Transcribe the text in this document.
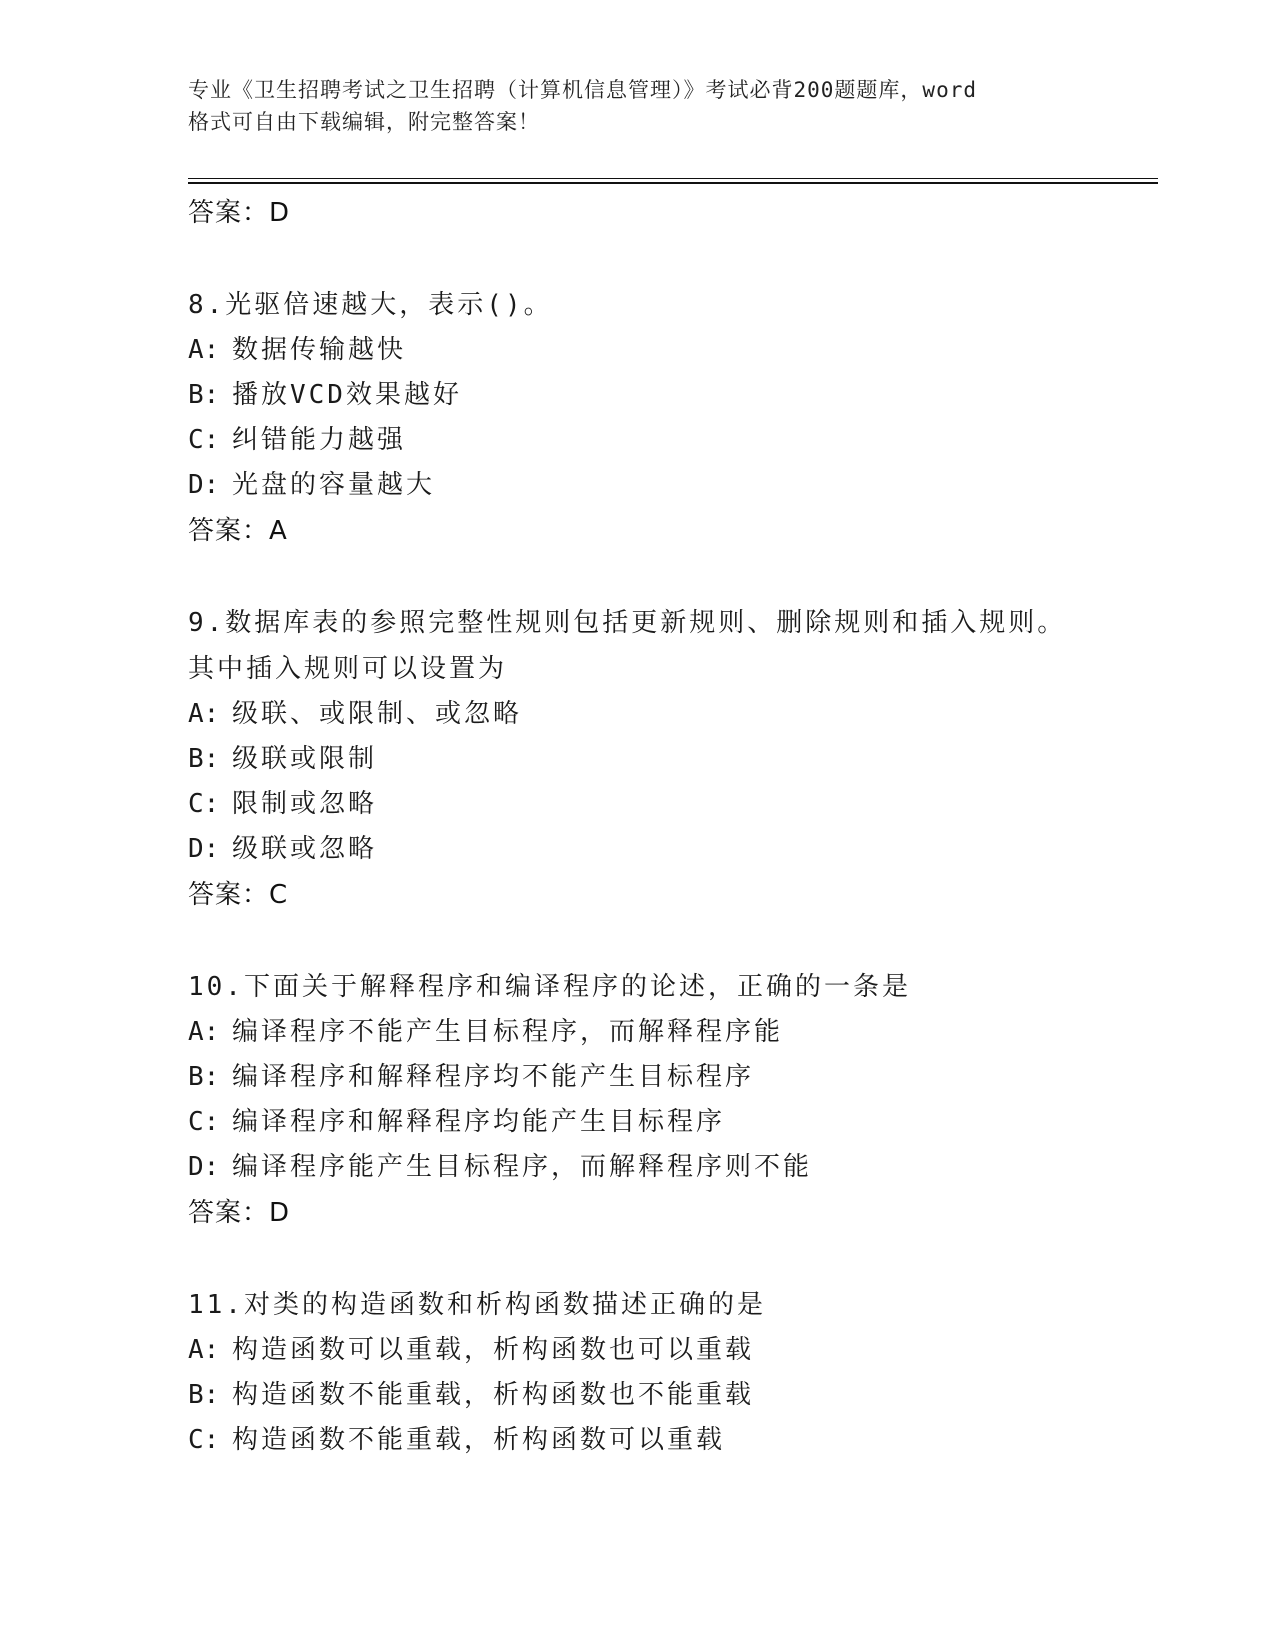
专业《卫生招聘考试之卫生招聘（计算机信息管理）》考试必背200题题库，word
格式可自由下载编辑，附完整答案！
答案：D
8.光驱倍速越大，表示()。
A: 数据传输越快
B: 播放VCD效果越好
C: 纠错能力越强
D: 光盘的容量越大
答案：A
9.数据库表的参照完整性规则包括更新规则、删除规则和插入规则。
其中插入规则可以设置为
A: 级联、或限制、或忽略
B: 级联或限制
C: 限制或忽略
D: 级联或忽略
答案：C
10.下面关于解释程序和编译程序的论述，正确的一条是
A: 编译程序不能产生目标程序，而解释程序能
B: 编译程序和解释程序均不能产生目标程序
C: 编译程序和解释程序均能产生目标程序
D: 编译程序能产生目标程序，而解释程序则不能
答案：D
11.对类的构造函数和析构函数描述正确的是
A: 构造函数可以重载，析构函数也可以重载
B: 构造函数不能重载，析构函数也不能重载
C: 构造函数不能重载，析构函数可以重载
